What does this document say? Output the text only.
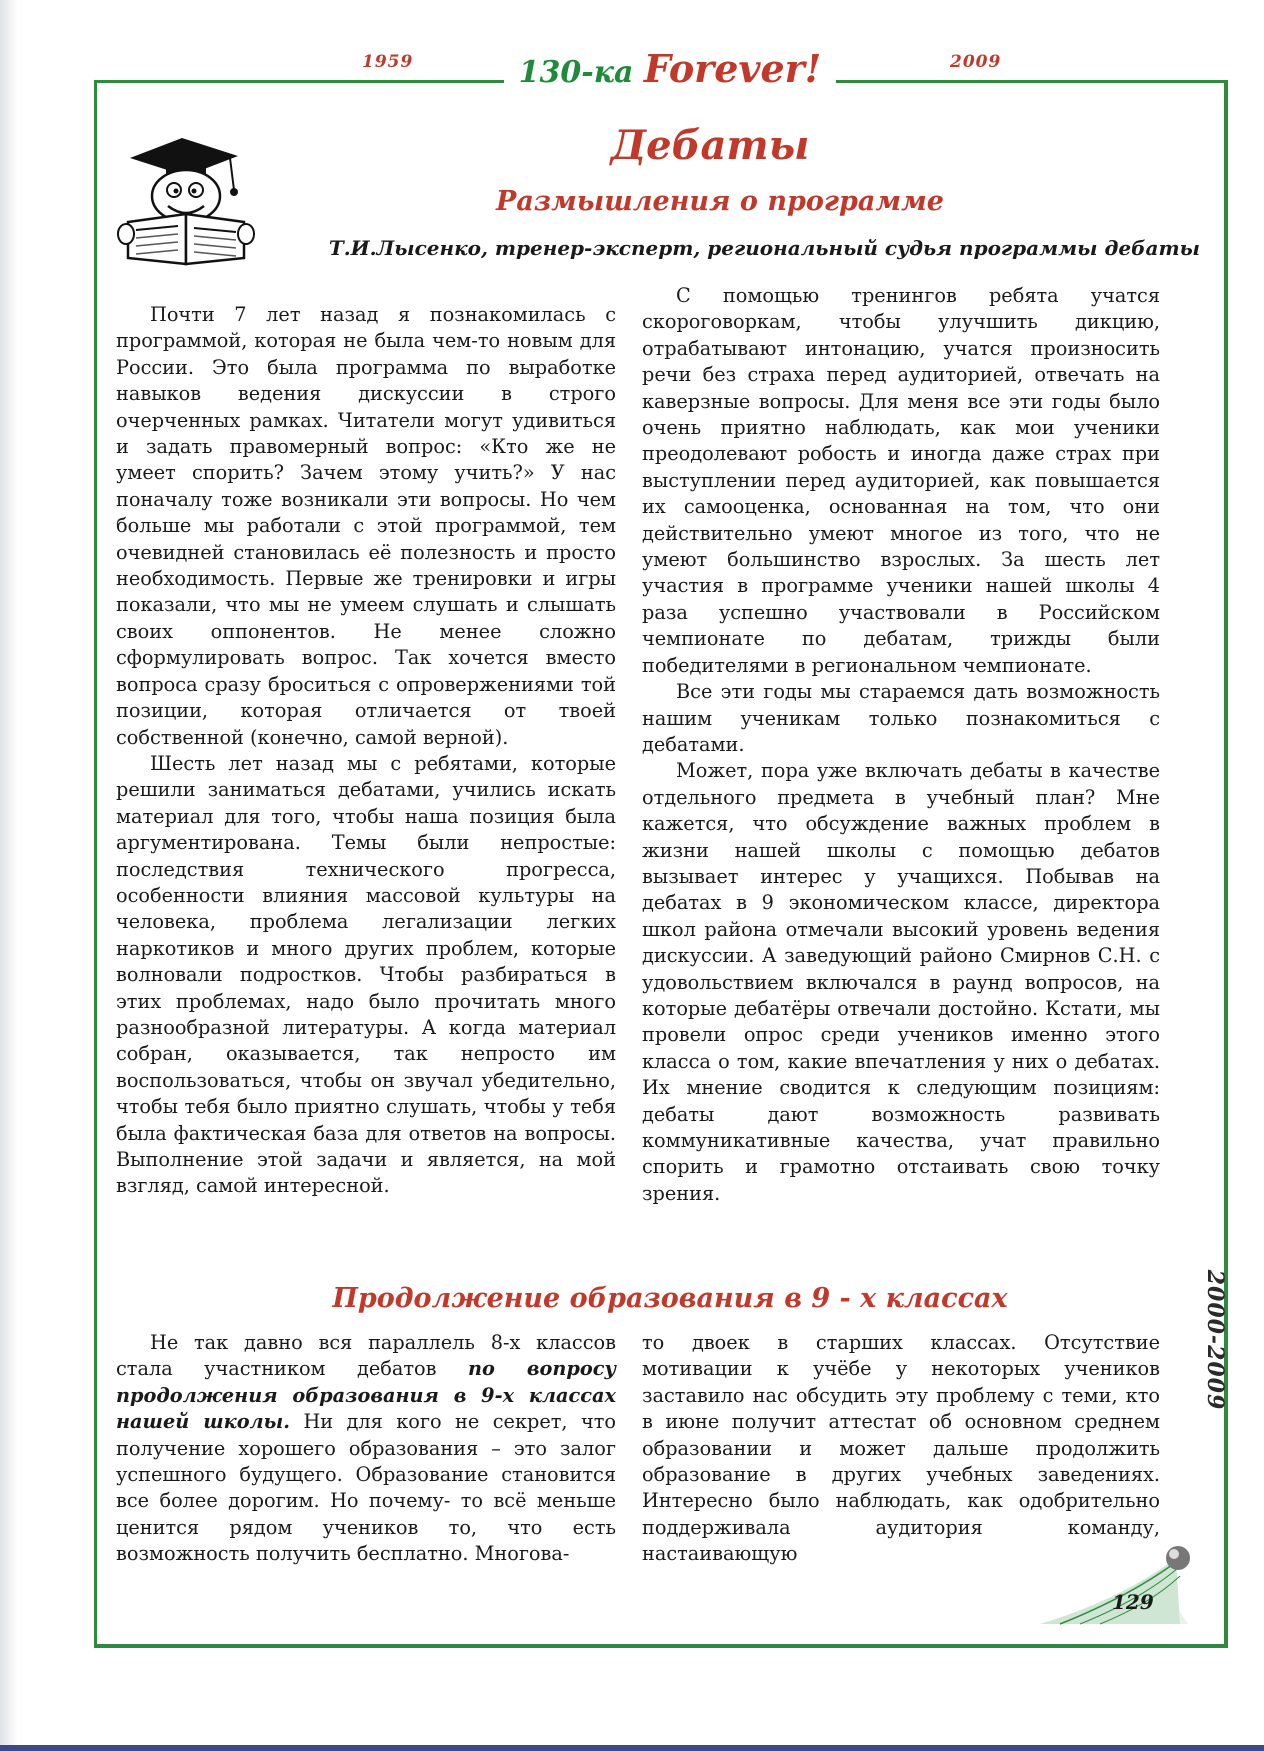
1959	130-ка Forever!	2009
Дебаты
Размышления о программе
Т.И.Лысенко, тренер-эксперт, региональный судья программы дебаты

Почти 7 лет назад я познакомилась с программой, которая не была чем-то новым для России. Это была программа по выработке навыков ведения дискуссии в строго очерченных рамках. Читатели могут удивиться и задать правомерный вопрос: «Кто же не умеет спорить? Зачем этому учить?» У нас поначалу тоже возникали эти вопросы. Но чем больше мы работали с этой программой, тем очевидней становилась её полезность и просто необходимость. Первые же тренировки и игры показали, что мы не умеем слушать и слышать своих оппонентов. Не менее сложно сформулировать вопрос. Так хочется вместо вопроса сразу броситься с опровержениями той позиции, которая отличается от твоей собственной (конечно, самой верной).

Шесть лет назад мы с ребятами, которые решили заниматься дебатами, учились искать материал для того, чтобы наша позиция была аргументирована. Темы были непростые: последствия технического прогресса, особенности влияния массовой культуры на человека, проблема легализации легких наркотиков и много других проблем, которые волновали подростков. Чтобы разбираться в этих проблемах, надо было прочитать много разнообразной литературы. А когда материал собран, оказывается, так непросто им воспользоваться, чтобы он звучал убедительно, чтобы тебя было приятно слушать, чтобы у тебя была фактическая база для ответов на вопросы. Выполнение этой задачи и является, на мой взгляд, самой интересной.

С помощью тренингов ребята учатся скороговоркам, чтобы улучшить дикцию, отрабатывают интонацию, учатся произносить речи без страха перед аудиторией, отвечать на каверзные вопросы. Для меня все эти годы было очень приятно наблюдать, как мои ученики преодолевают робость и иногда даже страх при выступлении перед аудиторией, как повышается их самооценка, основанная на том, что они действительно умеют многое из того, что не умеют большинство взрослых. За шесть лет участия в программе ученики нашей школы 4 раза успешно участвовали в Российском чемпионате по дебатам, трижды были победителями в региональном чемпионате.

Все эти годы мы стараемся дать возможность нашим ученикам только познакомиться с дебатами.

Может, пора уже включать дебаты в качестве отдельного предмета в учебный план? Мне кажется, что обсуждение важных проблем в жизни нашей школы с помощью дебатов вызывает интерес у учащихся. Побывав на дебатах в 9 экономическом классе, директора школ района отмечали высокий уровень ведения дискуссии. А заведующий районо Смирнов С.Н. с удовольствием включался в раунд вопросов, на которые дебатёры отвечали достойно. Кстати, мы провели опрос среди учеников именно этого класса о том, какие впечатления у них о дебатах. Их мнение сводится к следующим позициям: дебаты дают возможность развивать коммуникативные качества, учат правильно спорить и грамотно отстаивать свою точку зрения.

Продолжение образования в 9 - х классах

Не так давно вся параллель 8-х классов стала участником дебатов по вопросу продолжения образования в 9-х классах нашей школы. Ни для кого не секрет, что получение хорошего образования – это залог успешного будущего. Образование становится все более дорогим. Но почему- то всё меньше ценится рядом учеников то, что есть возможность получить бесплатно. Многова-

то двоек в старших классах. Отсутствие мотивации к учёбе у некоторых учеников заставило нас обсудить эту проблему с теми, кто в июне получит аттестат об основном среднем образовании и может дальше продолжить образование в других учебных заведениях. Интересно было наблюдать, как одобрительно поддерживала аудитория команду, настаивающую

2000-2009
129
